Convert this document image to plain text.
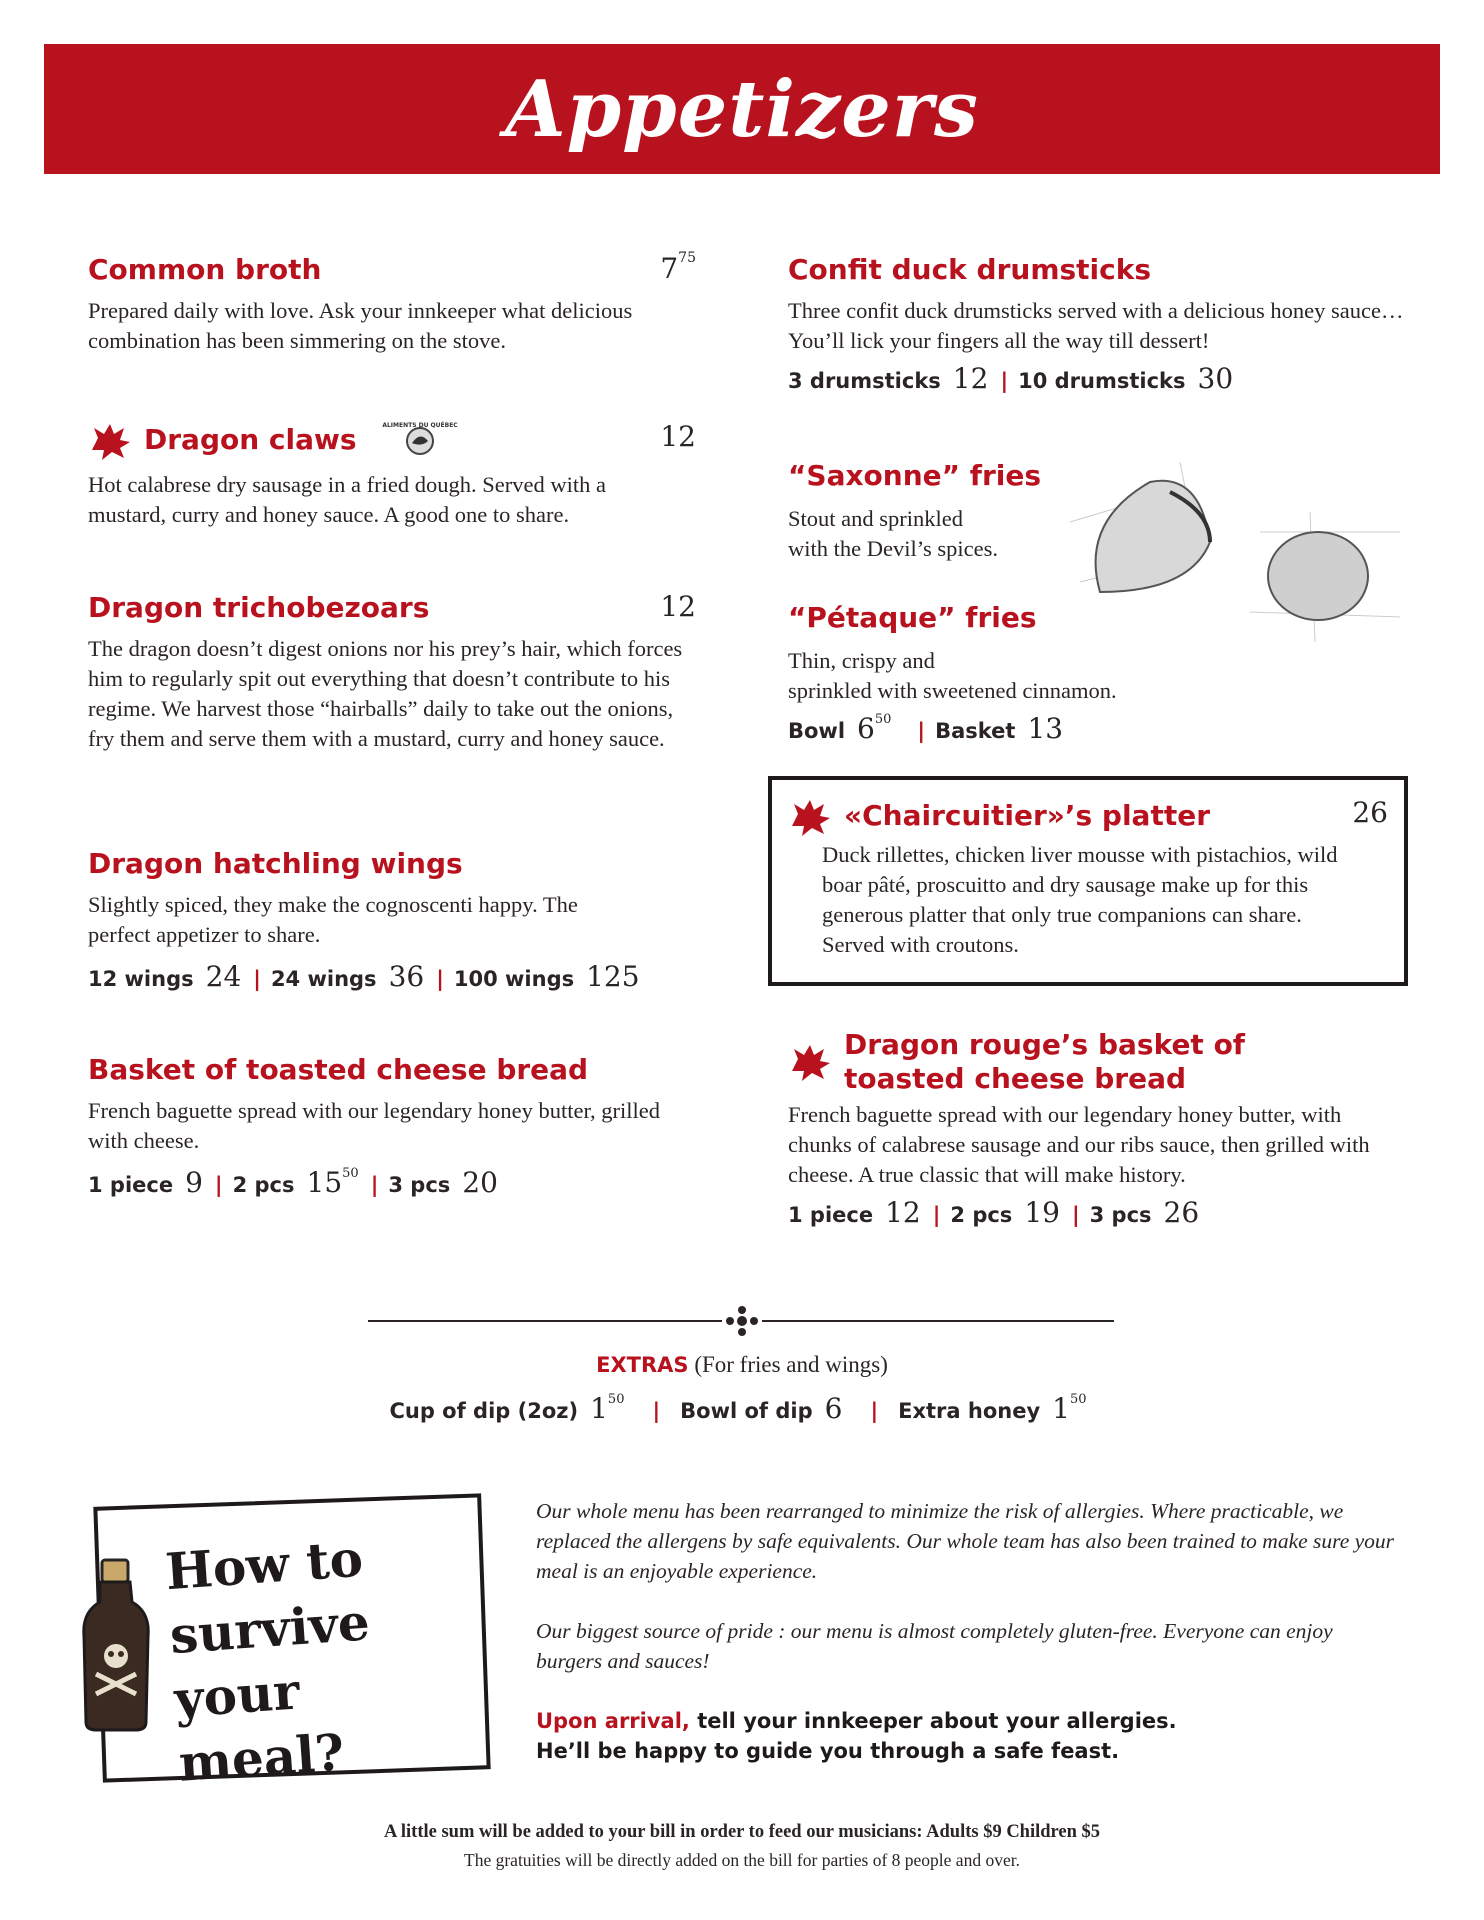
Appetizers
Common broth	$7^{75}$
Prepared daily with love. Ask your innkeeper what delicious combination has been simmering on the stove.
Dragon claws	ALIMENTS DU QUÉBEC	12
Hot calabrese dry sausage in a fried dough. Served with a mustard, curry and honey sauce. A good one to share.
Dragon trichobezoars	12
The dragon doesn’t digest onions nor his prey’s hair, which forces him to regularly spit out everything that doesn’t contribute to his regime. We harvest those “hairballs” daily to take out the onions, fry them and serve them with a mustard, curry and honey sauce.
Dragon hatchling wings
Slightly spiced, they make the cognoscenti happy. The perfect appetizer to share.
12 wings 24 | 24 wings 36 | 100 wings 125
Basket of toasted cheese bread
French baguette spread with our legendary honey butter, grilled with cheese.
1 piece 9 | 2 pcs $15^{50}$ | 3 pcs 20
Confit duck drumsticks
Three confit duck drumsticks served with a delicious honey sauce… You’ll lick your fingers all the way till dessert!
3 drumsticks 12 | 10 drumsticks 30
“Saxonne” fries
Stout and sprinkled
with the Devil’s spices.
“Pétaque” fries
Thin, crispy and
sprinkled with sweetened cinnamon.
Bowl $6^{50}$ | Basket 13
«Chaircuitier»’s platter	26
Duck rillettes, chicken liver mousse with pistachios, wild boar pâté, proscuitto and dry sausage make up for this generous platter that only true companions can share. Served with croutons.
Dragon rouge’s basket of
toasted cheese bread
French baguette spread with our legendary honey butter, with chunks of calabrese sausage and our ribs sauce, then grilled with cheese. A true classic that will make history.
1 piece 12 | 2 pcs 19 | 3 pcs 26
EXTRAS (For fries and wings)
Cup of dip (2oz) $1^{50}$ | Bowl of dip 6 | Extra honey $1^{50}$
How to survive your meal?

Our whole menu has been rearranged to minimize the risk of allergies. Where practicable, we replaced the allergens by safe equivalents. Our whole team has also been trained to make sure your meal is an enjoyable experience.

Our biggest source of pride : our menu is almost completely gluten-free. Everyone can enjoy burgers and sauces!

Upon arrival, tell your innkeeper about your allergies.
He’ll be happy to guide you through a safe feast.
A little sum will be added to your bill in order to feed our musicians: Adults $9 Children $5
The gratuities will be directly added on the bill for parties of 8 people and over.
